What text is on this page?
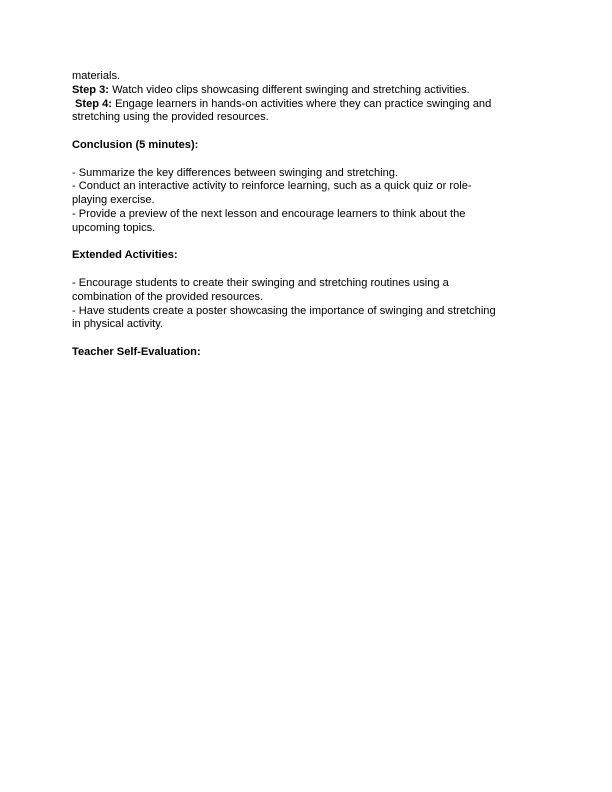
materials.
Step 3: Watch video clips showcasing different swinging and stretching activities.
Step 4: Engage learners in hands-on activities where they can practice swinging and
stretching using the provided resources.
Conclusion (5 minutes):
- Summarize the key differences between swinging and stretching.
- Conduct an interactive activity to reinforce learning, such as a quick quiz or role-
playing exercise.
- Provide a preview of the next lesson and encourage learners to think about the
upcoming topics.
Extended Activities:
- Encourage students to create their swinging and stretching routines using a
combination of the provided resources.
- Have students create a poster showcasing the importance of swinging and stretching
in physical activity.
Teacher Self-Evaluation:
